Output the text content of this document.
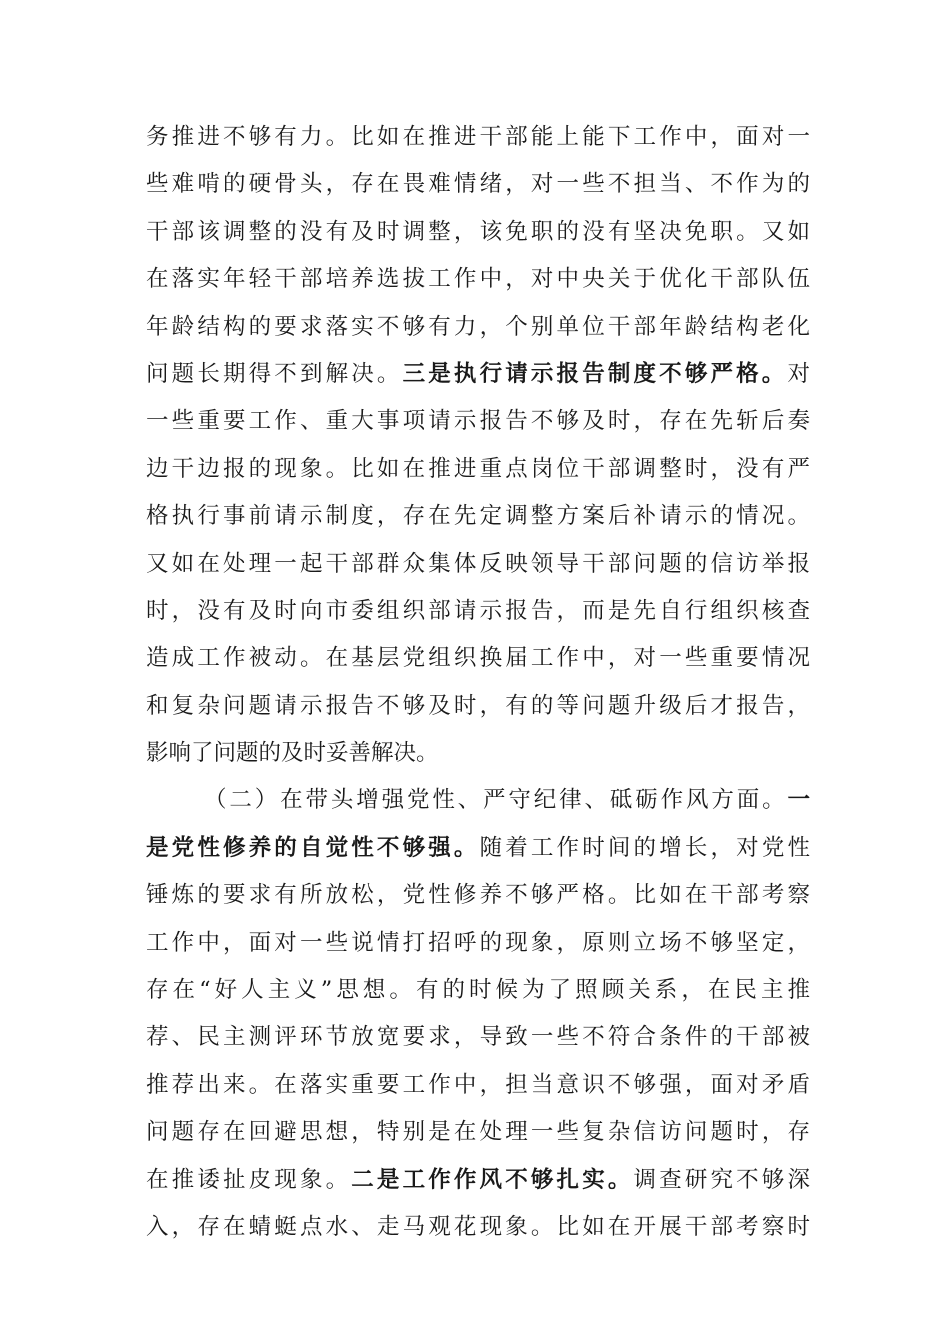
务推进不够有力。比如在推进干部能上能下工作中，面对一
些难啃的硬骨头，存在畏难情绪，对一些不担当、不作为的
干部该调整的没有及时调整，该免职的没有坚决免职。又如
在落实年轻干部培养选拔工作中，对中央关于优化干部队伍
年龄结构的要求落实不够有力，个别单位干部年龄结构老化
问题长期得不到解决。三是执行请示报告制度不够严格。对
一些重要工作、重大事项请示报告不够及时，存在先斩后奏
边干边报的现象。比如在推进重点岗位干部调整时，没有严
格执行事前请示制度，存在先定调整方案后补请示的情况。
又如在处理一起干部群众集体反映领导干部问题的信访举报
时，没有及时向市委组织部请示报告，而是先自行组织核查
造成工作被动。在基层党组织换届工作中，对一些重要情况
和复杂问题请示报告不够及时，有的等问题升级后才报告，
影响了问题的及时妥善解决。
（二）在带头增强党性、严守纪律、砥砺作风方面。一
是党性修养的自觉性不够强。随着工作时间的增长，对党性
锤炼的要求有所放松，党性修养不够严格。比如在干部考察
工作中，面对一些说情打招呼的现象，原则立场不够坚定，
存在“好人主义”思想。有的时候为了照顾关系，在民主推
荐、民主测评环节放宽要求，导致一些不符合条件的干部被
推荐出来。在落实重要工作中，担当意识不够强，面对矛盾
问题存在回避思想，特别是在处理一些复杂信访问题时，存
在推诿扯皮现象。二是工作作风不够扎实。调查研究不够深
入，存在蜻蜓点水、走马观花现象。比如在开展干部考察时
